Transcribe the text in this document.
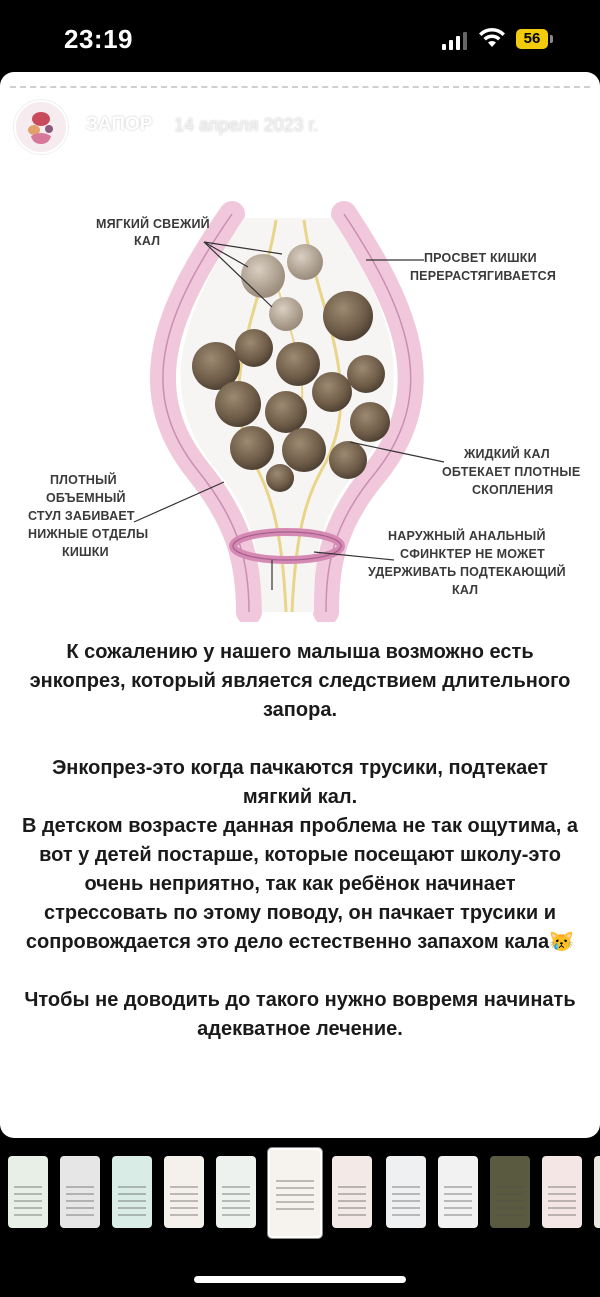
23:19	56
МЯГКИЙ СВЕЖИЙ
КАЛ
ПРОСВЕТ КИШКИ
ПЕРЕРАСТЯГИВАЕТСЯ
ЖИДКИЙ КАЛ
ОБТЕКАЕТ ПЛОТНЫЕ
СКОПЛЕНИЯ
ПЛОТНЫЙ
ОБЪЕМНЫЙ
СТУЛ ЗАБИВАЕТ
НИЖНЫЕ ОТДЕЛЫ
КИШКИ
НАРУЖНЫЙ АНАЛЬНЫЙ
СФИНКТЕР НЕ МОЖЕТ
УДЕРЖИВАТЬ ПОДТЕКАЮЩИЙ
КАЛ
ЗАПОР 14 апреля 2023 г.	•••

К сожалению у нашего малыша возможно есть энкопрез, который является следствием длительного запора.

Энкопрез-это когда пачкаются трусики, подтекает мягкий кал.

В детском возрасте данная проблема не так ощутима, а вот у детей постарше, которые посещают школу-это очень неприятно, так как ребёнок начинает стрессовать по этому поводу, он пачкает трусики и сопровождается это дело естественно запахом кала😿

Чтобы не доводить до такого нужно вовремя начинать адекватное лечение.
